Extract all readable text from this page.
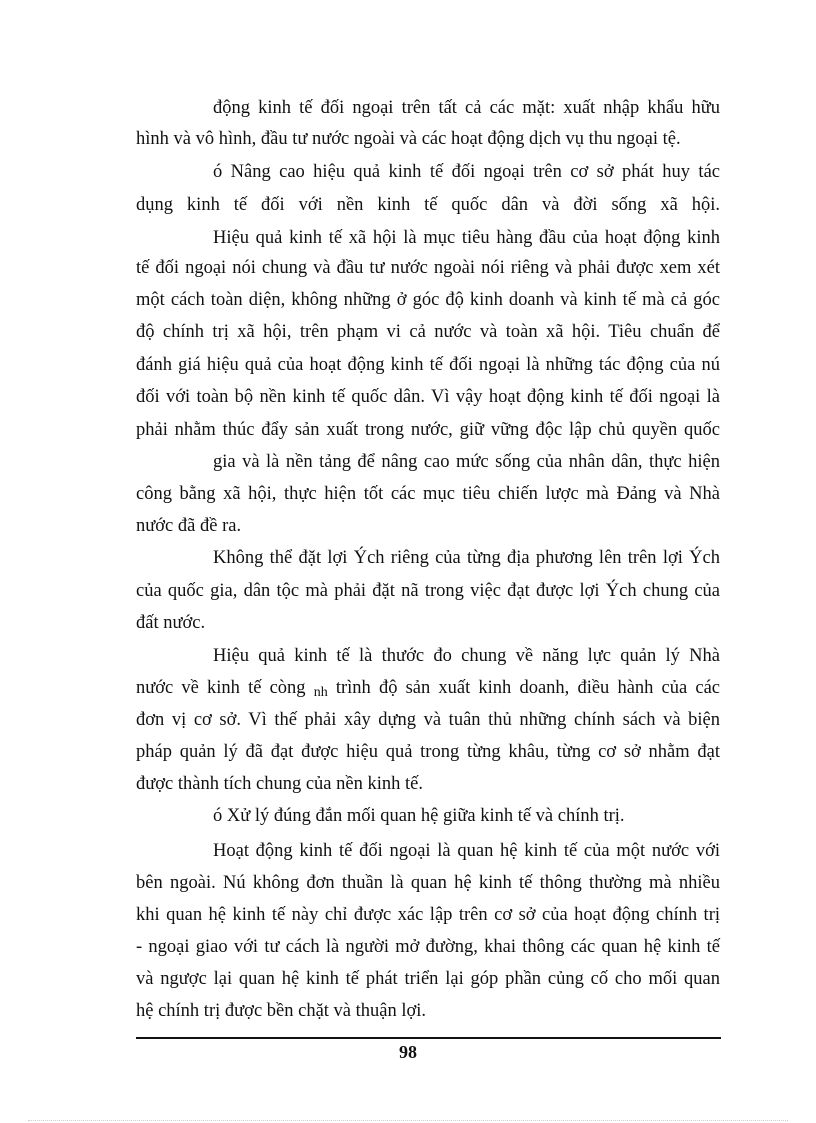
động kinh tế đối ngoại trên tất cả các mặt: xuất nhập khẩu hữu
hình và vô hình, đầu tư nước ngoài và các hoạt động dịch vụ thu ngoại tệ.
ó Nâng cao hiệu quả kinh tế đối ngoại trên cơ sở phát huy tác
dụng kinh tế đối với nền kinh tế quốc dân và đời sống xã hội.
Hiệu quả kinh tế xã hội là mục tiêu hàng đầu của hoạt động kinh
tế đối ngoại nói chung và đầu tư nước ngoài nói riêng và phải được xem xét
một cách toàn diện, không những ở góc độ kinh doanh và kinh tế mà cả góc
độ chính trị xã hội, trên phạm vi cả nước và toàn xã hội. Tiêu chuẩn để
đánh giá hiệu quả của hoạt động kinh tế đối ngoại là những tác động của nú
đối với toàn bộ nền kinh tế quốc dân. Vì vậy hoạt động kinh tế đối ngoại là
phải nhằm thúc đẩy sản xuất trong nước, giữ vững độc lập chủ quyền quốc
gia và là nền tảng để nâng cao mức sống của nhân dân, thực hiện
công bằng xã hội, thực hiện tốt các mục tiêu chiến lược mà Đảng và Nhà
nước đã đề ra.
Không thể đặt lợi Ých riêng của từng địa phương lên trên lợi Ých
của quốc gia, dân tộc mà phải đặt nã trong việc đạt được lợi Ých chung của
đất nước.
Hiệu quả kinh tế là thước đo chung về năng lực quản lý Nhà
nước về kinh tế còng nh trình độ sản xuất kinh doanh, điều hành của các
đơn vị cơ sở. Vì thế phải xây dựng và tuân thủ những chính sách và biện
pháp quản lý đã đạt được hiệu quả trong từng khâu, từng cơ sở nhằm đạt
được thành tích chung của nền kinh tế.
ó Xử lý đúng đắn mối quan hệ giữa kinh tế và chính trị.
Hoạt động kinh tế đối ngoại là quan hệ kinh tế của một nước với
bên ngoài. Nú không đơn thuần là quan hệ kinh tế thông thường mà nhiều
khi quan hệ kinh tế này chỉ được xác lập trên cơ sở của hoạt động chính trị
- ngoại giao với tư cách là người mở đường, khai thông các quan hệ kinh tế
và ngược lại quan hệ kinh tế phát triển lại góp phần củng cố cho mối quan
hệ chính trị được bền chặt và thuận lợi.
98
